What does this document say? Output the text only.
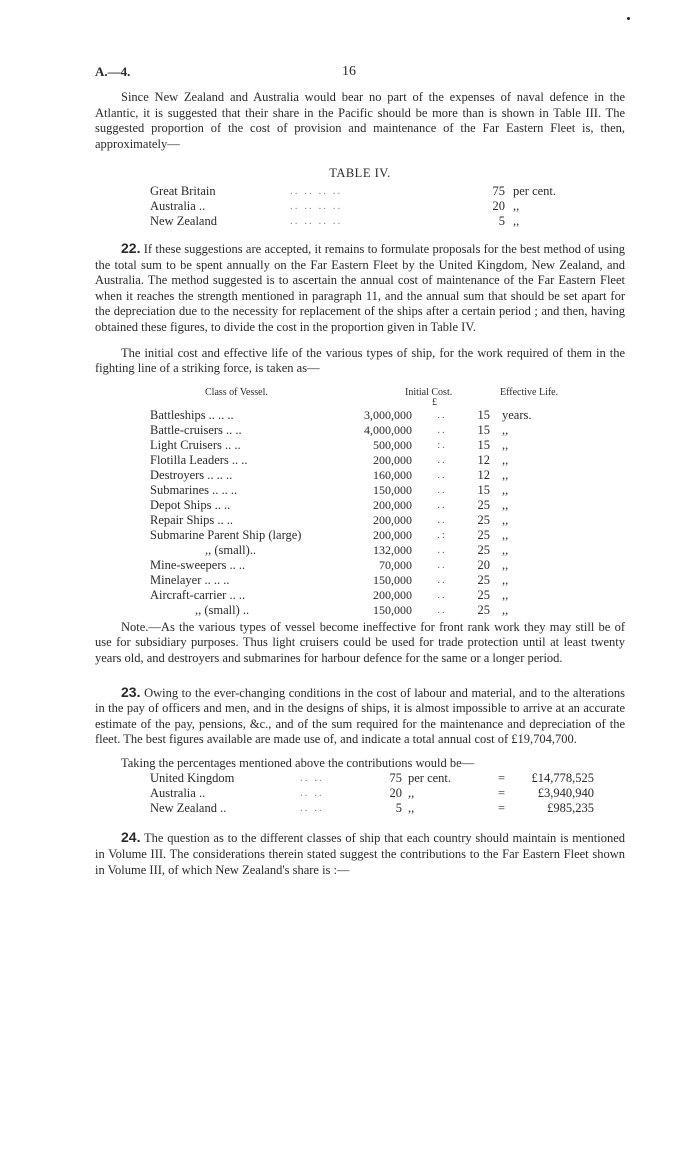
A.—4.	16

Since New Zealand and Australia would bear no part of the expenses of naval defence in the Atlantic, it is suggested that their share in the Pacific should be more than is shown in Table III. The suggested proportion of the cost of provision and maintenance of the Far Eastern Fleet is, then, approximately—

TABLE IV.
Great Britain	.. .. .. ..	75 per cent.
Australia ..	.. .. .. ..	20 ,,
New Zealand	.. .. .. ..	5 ,,

22. If these suggestions are accepted, it remains to formulate proposals for the best method of using the total sum to be spent annually on the Far Eastern Fleet by the United Kingdom, New Zealand, and Australia. The method suggested is to ascertain the annual cost of maintenance of the Far Eastern Fleet when it reaches the strength mentioned in paragraph 11, and the annual sum that should be set apart for the depreciation due to the necessity for replacement of the ships after a certain period ; and then, having obtained these figures, to divide the cost in the proportion given in Table IV.

The initial cost and effective life of the various types of ship, for the work required of them in the fighting line of a striking force, is taken as—

Class of Vessel.	Initial Cost.	Effective Life.
£
Battleships .. .. ..	3,000,000	..	15 years.
Battle-cruisers .. ..	4,000,000	..	15 ,,
Light Cruisers .. ..	500,000	:.	15 ,,
Flotilla Leaders .. ..	200,000	..	12 ,,
Destroyers .. .. ..	160,000	..	12 ,,
Submarines .. .. ..	150,000	..	15 ,,
Depot Ships .. ..	200,000	..	25 ,,
Repair Ships .. ..	200,000	..	25 ,,
Submarine Parent Ship (large)	200,000	.:	25 ,,
,, (small)..	132,000	..	25 ,,
Mine-sweepers .. ..	70,000	..	20 ,,
Minelayer .. .. ..	150,000	..	25 ,,
Aircraft-carrier .. ..	200,000	..	25 ,,
,, (small) ..	150,000	..	25 ,,

Note.—As the various types of vessel become ineffective for front rank work they may still be of use for subsidiary purposes. Thus light cruisers could be used for trade protection until at least twenty years old, and destroyers and submarines for harbour defence for the same or a longer period.

23. Owing to the ever-changing conditions in the cost of labour and material, and to the alterations in the pay of officers and men, and in the designs of ships, it is almost impossible to arrive at an accurate estimate of the pay, pensions, &c., and of the sum required for the maintenance and depreciation of the fleet. The best figures available are made use of, and indicate a total annual cost of £19,704,700.

Taking the percentages mentioned above the contributions would be—

United Kingdom	.. ..	75 per cent.	=	£14,778,525
Australia ..	.. ..	20 ,,	=	£3,940,940
New Zealand ..	.. ..	5 ,,	=	£985,235

24. The question as to the different classes of ship that each country should maintain is mentioned in Volume III. The considerations therein stated suggest the contributions to the Far Eastern Fleet shown in Volume III, of which New Zealand's share is :—
